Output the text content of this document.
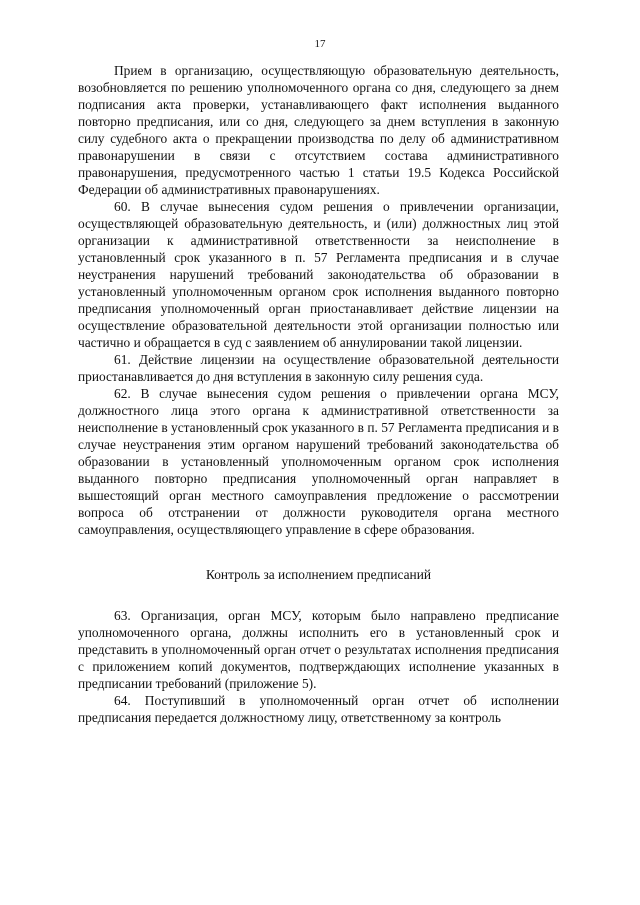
17

Прием в организацию, осуществляющую образовательную деятельность, возобновляется по решению уполномоченного органа со дня, следующего за днем подписания акта проверки, устанавливающего факт исполнения выданного повторно предписания, или со дня, следующего за днем вступления в законную силу судебного акта о прекращении производства по делу об административном правонарушении в связи с отсутствием состава административного правонарушения, предусмотренного частью 1 статьи 19.5 Кодекса Российской Федерации об административных правонарушениях.

60. В случае вынесения судом решения о привлечении организации, осуществляющей образовательную деятельность, и (или) должностных лиц этой организации к административной ответственности за неисполнение в установленный срок указанного в п. 57 Регламента предписания и в случае неустранения нарушений требований законодательства об образовании в установленный уполномоченным органом срок исполнения выданного повторно предписания уполномоченный орган приостанавливает действие лицензии на осуществление образовательной деятельности этой организации полностью или частично и обращается в суд с заявлением об аннулировании такой лицензии.

61. Действие лицензии на осуществление образовательной деятельности приостанавливается до дня вступления в законную силу решения суда.

62. В случае вынесения судом решения о привлечении органа МСУ, должностного лица этого органа к административной ответственности за неисполнение в установленный срок указанного в п. 57 Регламента предписания и в случае неустранения этим органом нарушений требований законодательства об образовании в установленный уполномоченным органом срок исполнения выданного повторно предписания уполномоченный орган направляет в вышестоящий орган местного самоуправления предложение о рассмотрении вопроса об отстранении от должности руководителя органа местного самоуправления, осуществляющего управление в сфере образования.

Контроль за исполнением предписаний

63. Организация, орган МСУ, которым было направлено предписание уполномоченного органа, должны исполнить его в установленный срок и представить в уполномоченный орган отчет о результатах исполнения предписания с приложением копий документов, подтверждающих исполнение указанных в предписании требований (приложение 5).

64. Поступивший в уполномоченный орган отчет об исполнении предписания передается должностному лицу, ответственному за контроль
